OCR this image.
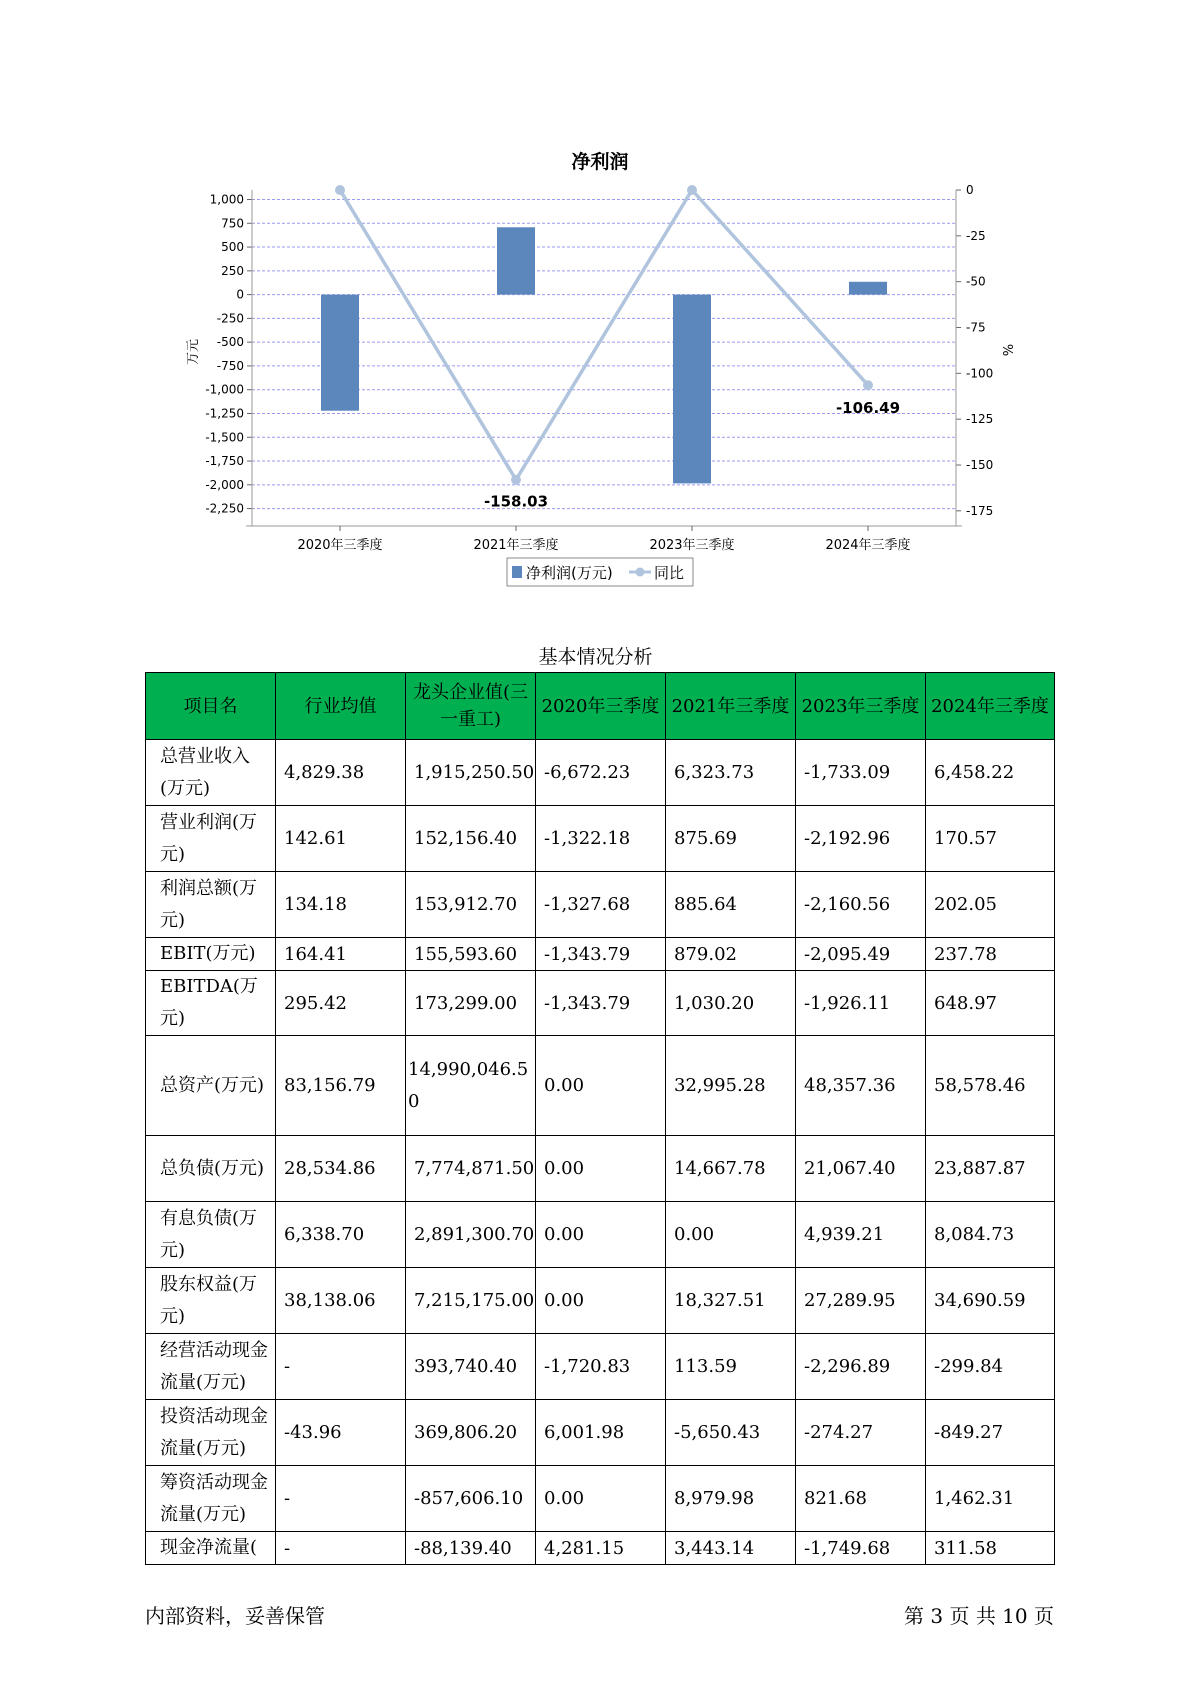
净利润
-158.03
-106.49
1,000
750
500
250
0
-250
-500
-750
-1,000
-1,250
-1,500
-1,750
-2,000
-2,250
0
-25
-50
-75
-100
-125
-150
-175
2020年三季度	2021年三季度	2023年三季度	2024年三季度
万元	%
净利润(万元)	同比
基本情况分析
项目名	行业均值	龙头企业值(三一重工)	2020年三季度	2021年三季度	2023年三季度	2024年三季度

总营业收入(万元)	4,829.38	1,915,250.50	-6,672.23	6,323.73	-1,733.09	6,458.22

营业利润(万元)	142.61	152,156.40	-1,322.18	875.69	-2,192.96	170.57

利润总额(万元)	134.18	153,912.70	-1,327.68	885.64	-2,160.56	202.05

EBIT(万元)	164.41	155,593.60	-1,343.79	879.02	-2,095.49	237.78

EBITDA(万元)	295.42	173,299.00	-1,343.79	1,030.20	-1,926.11	648.97

总资产(万元)	83,156.79	14,990,046.50	0.00	32,995.28	48,357.36	58,578.46

总负债(万元)	28,534.86	7,774,871.50	0.00	14,667.78	21,067.40	23,887.87

有息负债(万元)	6,338.70	2,891,300.70	0.00	0.00	4,939.21	8,084.73

股东权益(万元)	38,138.06	7,215,175.00	0.00	18,327.51	27,289.95	34,690.59

经营活动现金流量(万元)	-	393,740.40	-1,720.83	113.59	-2,296.89	-299.84

投资活动现金流量(万元)	-43.96	369,806.20	6,001.98	-5,650.43	-274.27	-849.27

筹资活动现金流量(万元)	-	-857,606.10	0.00	8,979.98	821.68	1,462.31

现金净流量(	-	-88,139.40	4,281.15	3,443.14	-1,749.68	311.58
内部资料，妥善保管	第 3 页 共 10 页
